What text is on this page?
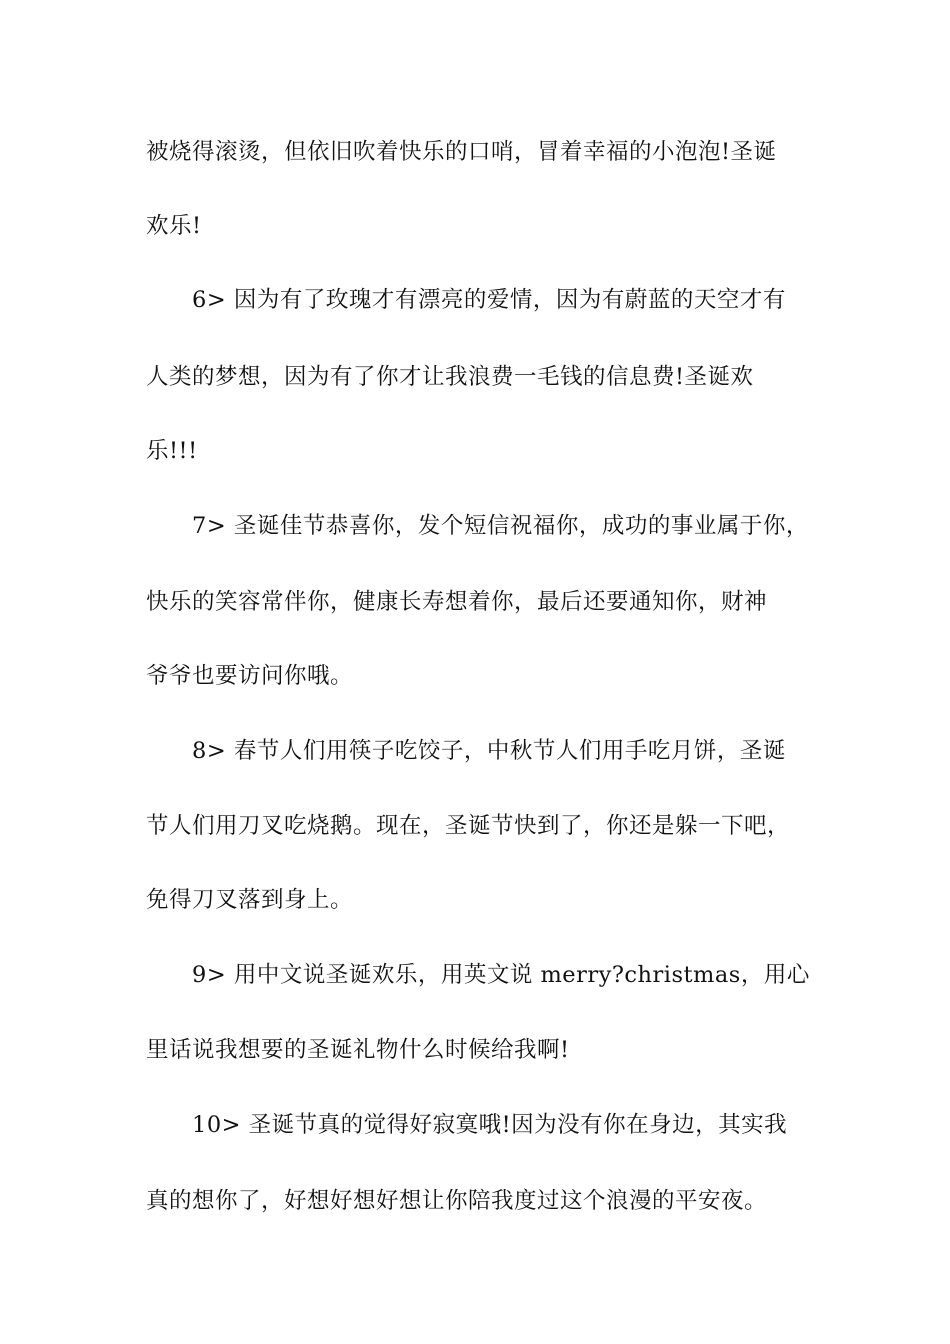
被烧得滚烫，但依旧吹着快乐的口哨，冒着幸福的小泡泡!圣诞
欢乐!
6> 因为有了玫瑰才有漂亮的爱情，因为有蔚蓝的天空才有
人类的梦想，因为有了你才让我浪费一毛钱的信息费!圣诞欢
乐!!!
7> 圣诞佳节恭喜你，发个短信祝福你，成功的事业属于你，
快乐的笑容常伴你，健康长寿想着你，最后还要通知你，财神
爷爷也要访问你哦。
8> 春节人们用筷子吃饺子，中秋节人们用手吃月饼，圣诞
节人们用刀叉吃烧鹅。现在，圣诞节快到了，你还是躲一下吧，
免得刀叉落到身上。
9> 用中文说圣诞欢乐，用英文说 merry?christmas，用心
里话说我想要的圣诞礼物什么时候给我啊!
10> 圣诞节真的觉得好寂寞哦!因为没有你在身边，其实我
真的想你了，好想好想好想让你陪我度过这个浪漫的平安夜。
